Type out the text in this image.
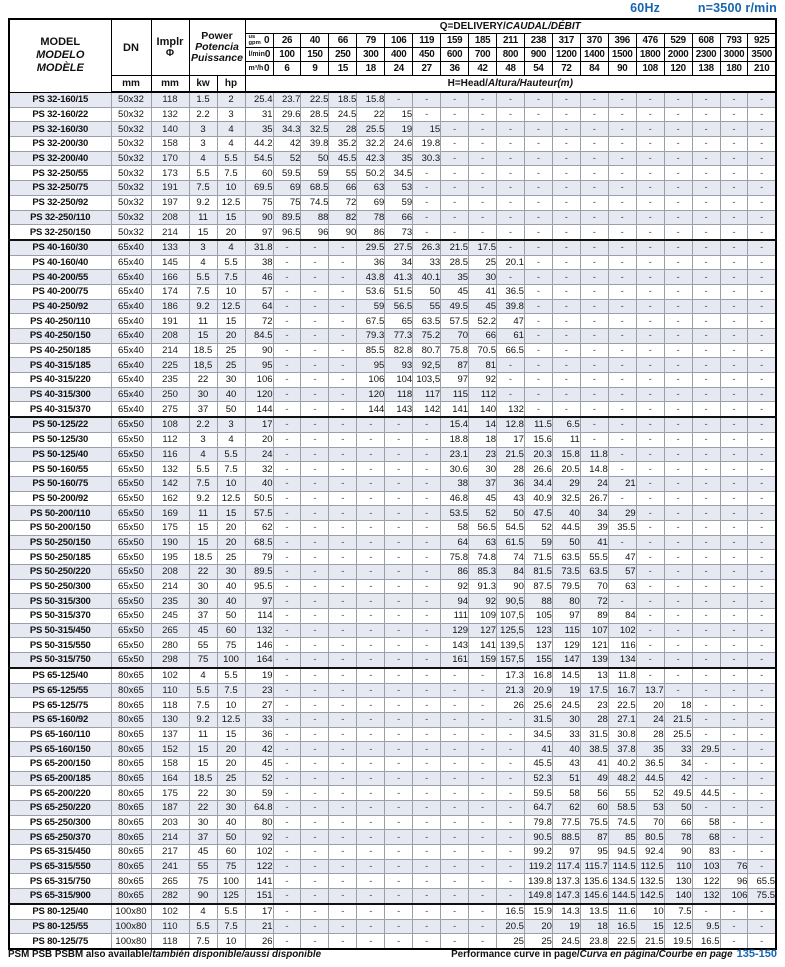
60Hz	n=3500 r/min
MODEL
MODELO
MODÈLE
	DN	Implr
Φ

Power
Potencia
Puissance
	Q=DELIVERY/CAUDAL/DÉBIT

					us
gpm 0	26	40	66	79	106	119	159	185	211	238	317	370	396	476	529	608	793	925

					l/min 0	100	150	250	300	400	450	600	700	800	900	1200	1400	1500	1800	2000	2300	3000	3500

					m³/h 0	6	9	15	18	24	27	36	42	48	54	72	84	90	108	120	138	180	210
	mm	mm	kw	hp	H=Head/Altura/Hauteur(m)																		
PS 32-160/15	50x32	118	1.5	2	25.4	23.7	22.5	18.5	15.8	-	-	-	-	-	-	-	-	-	-	-	-	-	-
PS 32-160/22	50x32	132	2.2	3	31	29.6	28.5	24.5	22	15	-	-	-	-	-	-	-	-	-	-	-	-	-
PS 32-160/30	50x32	140	3	4	35	34.3	32.5	28	25.5	19	15	-	-	-	-	-	-	-	-	-	-	-	-
PS 32-200/30	50x32	158	3	4	44.2	42	39.8	35.2	32.2	24.6	19.8	-	-	-	-	-	-	-	-	-	-	-	-
PS 32-200/40	50x32	170	4	5.5	54.5	52	50	45.5	42.3	35	30.3	-	-	-	-	-	-	-	-	-	-	-	-
PS 32-250/55	50x32	173	5.5	7.5	60	59.5	59	55	50.2	34.5	-	-	-	-	-	-	-	-	-	-	-	-	-
PS 32-250/75	50x32	191	7.5	10	69.5	69	68.5	66	63	53	-	-	-	-	-	-	-	-	-	-	-	-	-
PS 32-250/92	50x32	197	9.2	12.5	75	75	74.5	72	69	59	-	-	-	-	-	-	-	-	-	-	-	-	-
PS 32-250/110	50x32	208	11	15	90	89.5	88	82	78	66	-	-	-	-	-	-	-	-	-	-	-	-	-
PS 32-250/150	50x32	214	15	20	97	96.5	96	90	86	73	-	-	-	-	-	-	-	-	-	-	-	-	-
PS 40-160/30	65x40	133	3	4	31.8	-	-	-	29.5	27.5	26.3	21.5	17.5	-	-	-	-	-	-	-	-	-	-
PS 40-160/40	65x40	145	4	5.5	38	-	-	-	36	34	33	28.5	25	20.1	-	-	-	-	-	-	-	-	-
PS 40-200/55	65x40	166	5.5	7.5	46	-	-	-	43.8	41.3	40.1	35	30	-	-	-	-	-	-	-	-	-	-
PS 40-200/75	65x40	174	7.5	10	57	-	-	-	53.6	51.5	50	45	41	36.5	-	-	-	-	-	-	-	-	-
PS 40-250/92	65x40	186	9.2	12.5	64	-	-	-	59	56.5	55	49.5	45	39.8	-	-	-	-	-	-	-	-	-
PS 40-250/110	65x40	191	11	15	72	-	-	-	67.5	65	63.5	57.5	52.2	47	-	-	-	-	-	-	-	-	-
PS 40-250/150	65x40	208	15	20	84.5	-	-	-	79.3	77.3	75.2	70	66	61	-	-	-	-	-	-	-	-	-
PS 40-250/185	65x40	214	18.5	25	90	-	-	-	85.5	82.8	80.7	75.8	70.5	66.5	-	-	-	-	-	-	-	-	-
PS 40-315/185	65x40	225	18,5	25	95	-	-	-	95	93	92,5	87	81	-	-	-	-	-	-	-	-	-	-
PS 40-315/220	65x40	235	22	30	106	-	-	-	106	104	103,5	97	92	-	-	-	-	-	-	-	-	-	-
PS 40-315/300	65x40	250	30	40	120	-	-	-	120	118	117	115	112	-	-	-	-	-	-	-	-	-	-
PS 40-315/370	65x40	275	37	50	144	-	-	-	144	143	142	141	140	132	-	-	-	-	-	-	-	-	-
PS 50-125/22	65x50	108	2.2	3	17	-	-	-	-	-	-	15.4	14	12.8	11.5	6.5	-	-	-	-	-	-	-
PS 50-125/30	65x50	112	3	4	20	-	-	-	-	-	-	18.8	18	17	15.6	11	-	-	-	-	-	-	-
PS 50-125/40	65x50	116	4	5.5	24	-	-	-	-	-	-	23.1	23	21.5	20.3	15.8	11.8	-	-	-	-	-	-
PS 50-160/55	65x50	132	5.5	7.5	32	-	-	-	-	-	-	30.6	30	28	26.6	20.5	14.8	-	-	-	-	-	-
PS 50-160/75	65x50	142	7.5	10	40	-	-	-	-	-	-	38	37	36	34.4	29	24	21	-	-	-	-	-
PS 50-200/92	65x50	162	9.2	12.5	50.5	-	-	-	-	-	-	46.8	45	43	40.9	32.5	26.7	-	-	-	-	-	-
PS 50-200/110	65x50	169	11	15	57.5	-	-	-	-	-	-	53.5	52	50	47.5	40	34	29	-	-	-	-	-
PS 50-200/150	65x50	175	15	20	62	-	-	-	-	-	-	58	56.5	54.5	52	44.5	39	35.5	-	-	-	-	-
PS 50-250/150	65x50	190	15	20	68.5	-	-	-	-	-	-	64	63	61.5	59	50	41	-	-	-	-	-	-
PS 50-250/185	65x50	195	18.5	25	79	-	-	-	-	-	-	75.8	74.8	74	71.5	63.5	55.5	47	-	-	-	-	-
PS 50-250/220	65x50	208	22	30	89.5	-	-	-	-	-	-	86	85.3	84	81.5	73.5	63.5	57	-	-	-	-	-
PS 50-250/300	65x50	214	30	40	95.5	-	-	-	-	-	-	92	91.3	90	87.5	79.5	70	63	-	-	-	-	-
PS 50-315/300	65x50	235	30	40	97	-	-	-	-	-	-	94	92	90,5	88	80	72	-	-	-	-	-	-
PS 50-315/370	65x50	245	37	50	114	-	-	-	-	-	-	111	109	107,5	105	97	89	84	-	-	-	-	-
PS 50-315/450	65x50	265	45	60	132	-	-	-	-	-	-	129	127	125,5	123	115	107	102	-	-	-	-	-
PS 50-315/550	65x50	280	55	75	146	-	-	-	-	-	-	143	141	139,5	137	129	121	116	-	-	-	-	-
PS 50-315/750	65x50	298	75	100	164	-	-	-	-	-	-	161	159	157,5	155	147	139	134	-	-	-	-	-
PS 65-125/40	80x65	102	4	5.5	19	-	-	-	-	-	-	-	-	17.3	16.8	14.5	13	11.8	-	-	-	-	-
PS 65-125/55	80x65	110	5.5	7.5	23	-	-	-	-	-	-	-	-	21.3	20.9	19	17.5	16.7	13.7	-	-	-	-
PS 65-125/75	80x65	118	7.5	10	27	-	-	-	-	-	-	-	-	26	25.6	24.5	23	22.5	20	18	-	-	-
PS 65-160/92	80x65	130	9.2	12.5	33	-	-	-	-	-	-	-	-	-	31.5	30	28	27.1	24	21.5	-	-	-
PS 65-160/110	80x65	137	11	15	36	-	-	-	-	-	-	-	-	-	34.5	33	31.5	30.8	28	25.5	-	-	-
PS 65-160/150	80x65	152	15	20	42	-	-	-	-	-	-	-	-	-	41	40	38.5	37.8	35	33	29.5	-	-
PS 65-200/150	80x65	158	15	20	45	-	-	-	-	-	-	-	-	-	45.5	43	41	40.2	36.5	34	-	-	-
PS 65-200/185	80x65	164	18.5	25	52	-	-	-	-	-	-	-	-	-	52.3	51	49	48.2	44.5	42	-	-	-
PS 65-200/220	80x65	175	22	30	59	-	-	-	-	-	-	-	-	-	59.5	58	56	55	52	49.5	44.5	-	-
PS 65-250/220	80x65	187	22	30	64.8	-	-	-	-	-	-	-	-	-	64.7	62	60	58.5	53	50	-	-	-
PS 65-250/300	80x65	203	30	40	80	-	-	-	-	-	-	-	-	-	79.8	77.5	75.5	74.5	70	66	58	-	-
PS 65-250/370	80x65	214	37	50	92	-	-	-	-	-	-	-	-	-	90.5	88.5	87	85	80.5	78	68	-	-
PS 65-315/450	80x65	217	45	60	102	-	-	-	-	-	-	-	-	-	99.2	97	95	94.5	92.4	90	83	-	-
PS 65-315/550	80x65	241	55	75	122	-	-	-	-	-	-	-	-	-	119.2	117.4	115.7	114.5	112.5	110	103	76	-
PS 65-315/750	80x65	265	75	100	141	-	-	-	-	-	-	-	-	-	139.8	137.3	135.6	134.5	132.5	130	122	96	65.5
PS 65-315/900	80x65	282	90	125	151	-	-	-	-	-	-	-	-	-	149.8	147.3	145.6	144.5	142.5	140	132	106	75.5
PS 80-125/40	100x80	102	4	5.5	17	-	-	-	-	-	-	-	-	16.5	15.9	14.3	13.5	11.6	10	7.5	-	-	-
PS 80-125/55	100x80	110	5.5	7.5	21	-	-	-	-	-	-	-	-	20.5	20	19	18	16.5	15	12.5	9.5	-	-
PS 80-125/75	100x80	118	7.5	10	26	-	-	-	-	-	-	-	-	25	25	24.5	23.8	22.5	21.5	19.5	16.5	-	-
PSM PSB PSBM also available/también disponible/aussi disponible	Performance curve in page/Curva en página/Courbe en page 135-150
